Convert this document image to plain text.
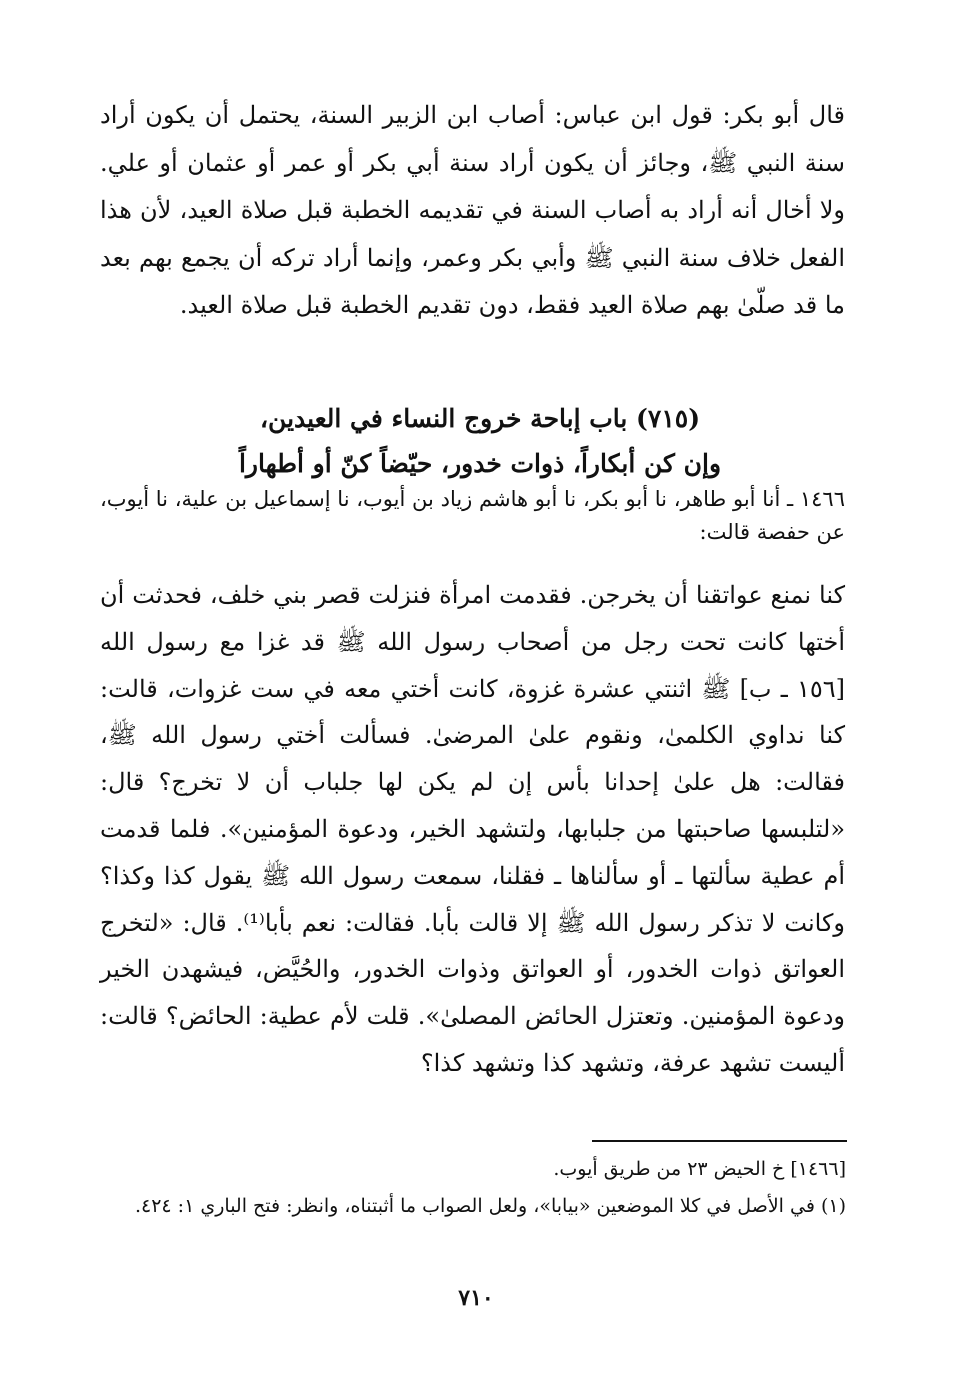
قال أبو بكر: قول ابن عباس: أصاب ابن الزبير السنة، يحتمل أن يكون أراد سنة النبي ﷺ، وجائز أن يكون أراد سنة أبي بكر أو عمر أو عثمان أو علي. ولا أخال أنه أراد به أصاب السنة في تقديمه الخطبة قبل صلاة العيد، لأن هذا الفعل خلاف سنة النبي ﷺ وأبي بكر وعمر، وإنما أراد تركه أن يجمع بهم بعد ما قد صلّىٰ بهم صلاة العيد فقط، دون تقديم الخطبة قبل صلاة العيد.
(٧١٥) باب إباحة خروج النساء في العيدين،
وإن كن أبكاراً، ذوات خدور، حيّضاً كنّ أو أطهاراً
١٤٦٦ ـ أنا أبو طاهر، نا أبو بكر، نا أبو هاشم زياد بن أيوب، نا إسماعيل بن علية، نا أيوب، عن حفصة قالت:
كنا نمنع عواتقنا أن يخرجن. فقدمت امرأة فنزلت قصر بني خلف، فحدثت أن أختها كانت تحت رجل من أصحاب رسول الله ﷺ قد غزا مع رسول الله [١٥٦ ـ ب] ﷺ اثنتي عشرة غزوة، كانت أختي معه في ست غزوات، قالت: كنا نداوي الكلمىٰ، ونقوم علىٰ المرضىٰ. فسألت أختي رسول الله ﷺ، فقالت: هل علىٰ إحدانا بأس إن لم يكن لها جلباب أن لا تخرج؟ قال: «لتلبسها صاحبتها من جلبابها، ولتشهد الخير، ودعوة المؤمنين». فلما قدمت أم عطية سألتها ـ أو سألناها ـ فقلنا، سمعت رسول الله ﷺ يقول كذا وكذا؟ وكانت لا تذكر رسول الله ﷺ إلا قالت بأبا. فقالت: نعم بأبا⁽¹⁾. قال: «لتخرج العواتق ذوات الخدور، أو العواتق وذوات الخدور، والحُيَّض، فيشهدن الخير ودعوة المؤمنين. وتعتزل الحائض المصلىٰ». قلت لأم عطية: الحائض؟ قالت: أليست تشهد عرفة، وتشهد كذا وتشهد كذا؟
[١٤٦٦] خ الحيض ٢٣ من طريق أيوب.
(١) في الأصل في كلا الموضعين «بيابا»، ولعل الصواب ما أثبتناه، وانظر: فتح الباري ١: ٤٢٤.
٧١٠
